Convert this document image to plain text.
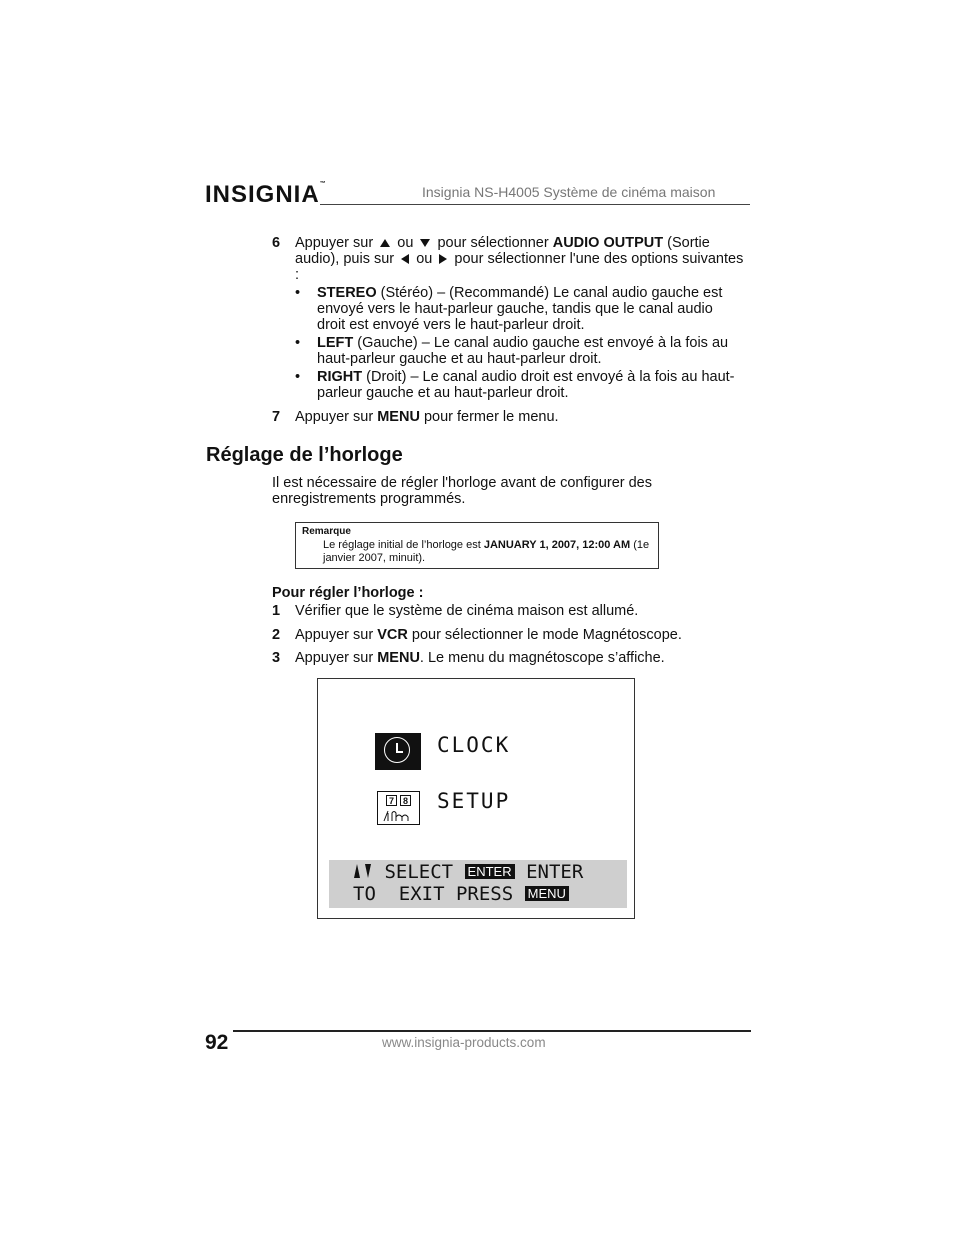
INSIGNIA™	Insignia NS-H4005 Système de cinéma maison
6 Appuyer sur ou pour sélectionner AUDIO OUTPUT (Sortie audio), puis sur ou pour sélectionner l'une des options suivantes :
• STEREO (Stéréo) – (Recommandé) Le canal audio gauche est envoyé vers le haut-parleur gauche, tandis que le canal audio droit est envoyé vers le haut-parleur droit.
• LEFT (Gauche) – Le canal audio gauche est envoyé à la fois au haut-parleur gauche et au haut-parleur droit.
• RIGHT (Droit) – Le canal audio droit est envoyé à la fois au haut-parleur gauche et au haut-parleur droit.
7 Appuyer sur MENU pour fermer le menu.
Réglage de l’horloge
Il est nécessaire de régler l'horloge avant de configurer des enregistrements programmés.
Remarque
Le réglage initial de l’horloge est JANUARY 1, 2007, 12:00 AM (1e janvier 2007, minuit).
Pour régler l’horloge :
1 Vérifier que le système de cinéma maison est allumé.
2 Appuyer sur VCR pour sélectionner le mode Magnétoscope.
3 Appuyer sur MENU. Le menu du magnétoscope s’affiche.
CLOCK
7 8 SETUP
SELECT ENTER ENTER
TO  EXIT PRESS MENU
92	www.insignia-products.com
